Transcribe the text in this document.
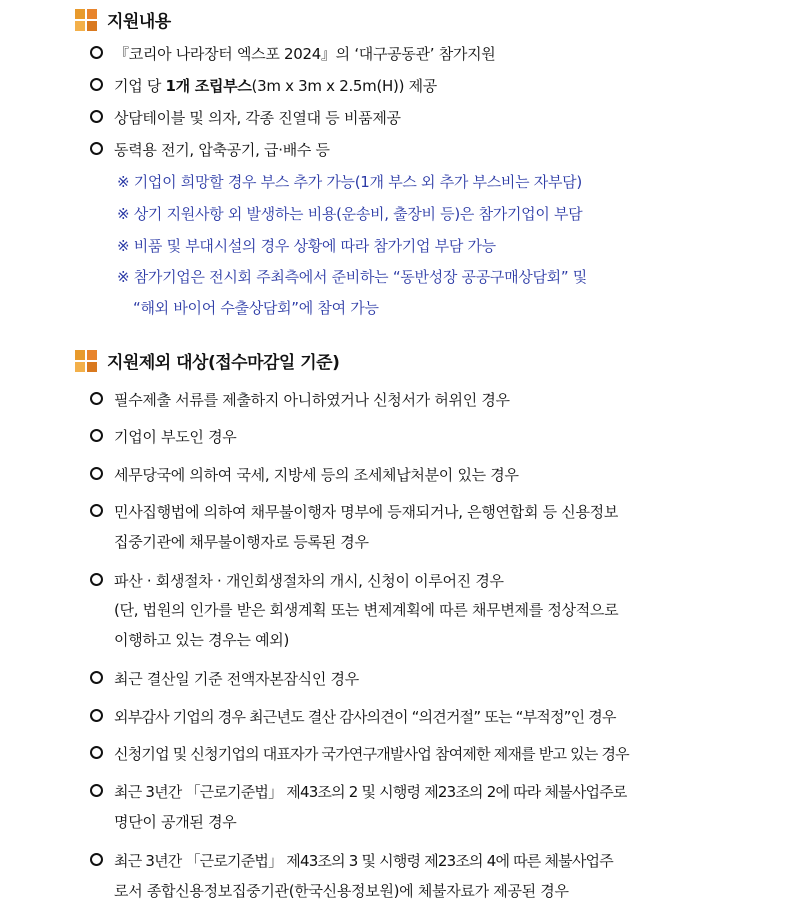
지원내용
『코리아 나라장터 엑스포 2024』의 ‘대구공동관’ 참가지원
기업 당 1개 조립부스(3m x 3m x 2.5m(H)) 제공
상담테이블 및 의자, 각종 진열대 등 비품제공
동력용 전기, 압축공기, 급·배수 등
※ 기업이 희망할 경우 부스 추가 가능(1개 부스 외 추가 부스비는 자부담)
※ 상기 지원사항 외 발생하는 비용(운송비, 출장비 등)은 참가기업이 부담
※ 비품 및 부대시설의 경우 상황에 따라 참가기업 부담 가능
※ 참가기업은 전시회 주최측에서 준비하는 “동반성장 공공구매상담회” 및
“해외 바이어 수출상담회”에 참여 가능
지원제외 대상(접수마감일 기준)
필수제출 서류를 제출하지 아니하였거나 신청서가 허위인 경우
기업이 부도인 경우
세무당국에 의하여 국세, 지방세 등의 조세체납처분이 있는 경우
민사집행법에 의하여 채무불이행자 명부에 등재되거나, 은행연합회 등 신용정보
집중기관에 채무불이행자로 등록된 경우
파산 · 회생절차 · 개인회생절차의 개시, 신청이 이루어진 경우
(단, 법원의 인가를 받은 회생계획 또는 변제계획에 따른 채무변제를 정상적으로
이행하고 있는 경우는 예외)
최근 결산일 기준 전액자본잠식인 경우
외부감사 기업의 경우 최근년도 결산 감사의견이 “의견거절” 또는 “부적정”인 경우
신청기업 및 신청기업의 대표자가 국가연구개발사업 참여제한 제재를 받고 있는 경우
최근 3년간 「근로기준법」 제43조의 2 및 시행령 제23조의 2에 따라 체불사업주로
명단이 공개된 경우
최근 3년간 「근로기준법」 제43조의 3 및 시행령 제23조의 4에 따른 체불사업주
로서 종합신용정보집중기관(한국신용정보원)에 체불자료가 제공된 경우
